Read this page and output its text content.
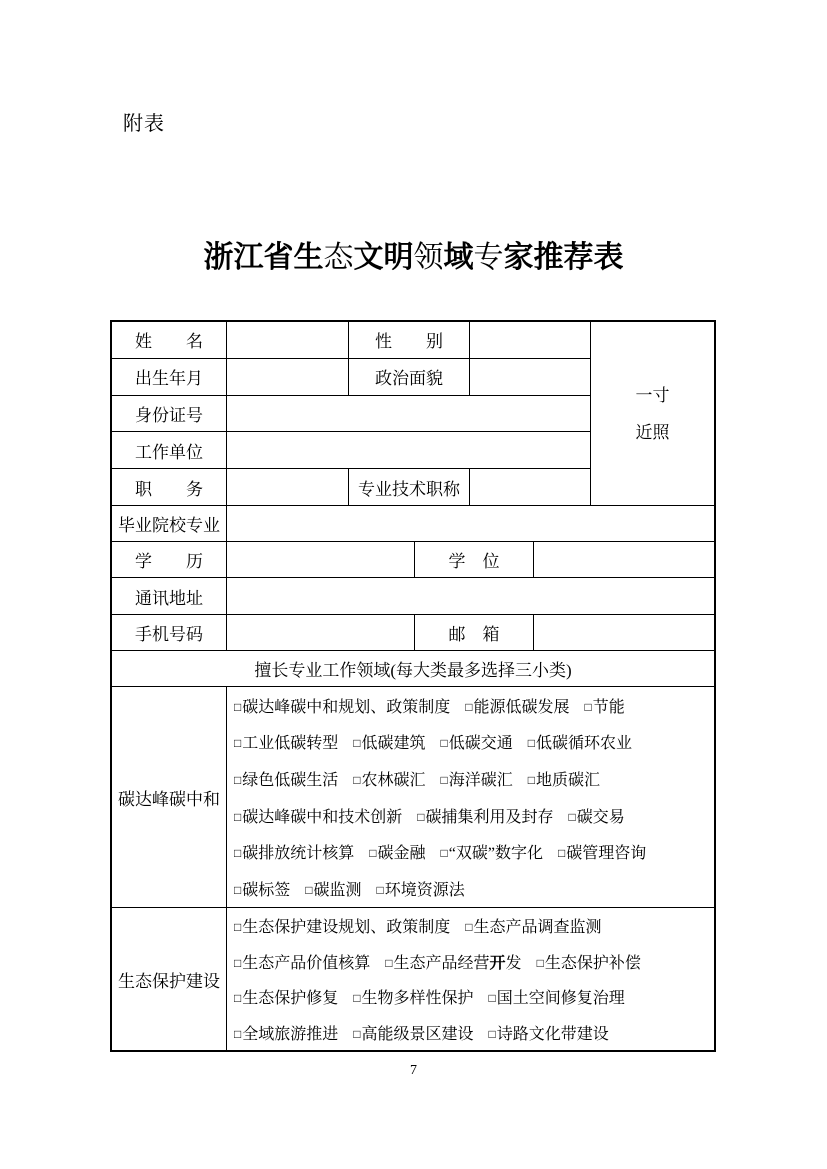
附表
浙江省生态文明领域专家推荐表
姓　　名	性　　别
出生年月	政治面貌
身份证号
工作单位
职　　务	专业技术职称
一寸
近照
毕业院校专业
学　　历	学　位
通讯地址
手机号码	邮　箱
擅长专业工作领域(每大类最多选择三小类)
碳达峰碳中和
□碳达峰碳中和规划、政策制度 □能源低碳发展 □节能
□工业低碳转型 □低碳建筑 □低碳交通 □低碳循环农业
□绿色低碳生活 □农林碳汇 □海洋碳汇 □地质碳汇
□碳达峰碳中和技术创新 □碳捕集利用及封存 □碳交易
□碳排放统计核算 □碳金融 □“双碳”数字化 □碳管理咨询
□碳标签 □碳监测 □环境资源法
生态保护建设
□生态保护建设规划、政策制度 □生态产品调查监测
□生态产品价值核算 □生态产品经营开发 □生态保护补偿
□生态保护修复 □生物多样性保护 □国土空间修复治理
□全域旅游推进 □高能级景区建设 □诗路文化带建设
7
